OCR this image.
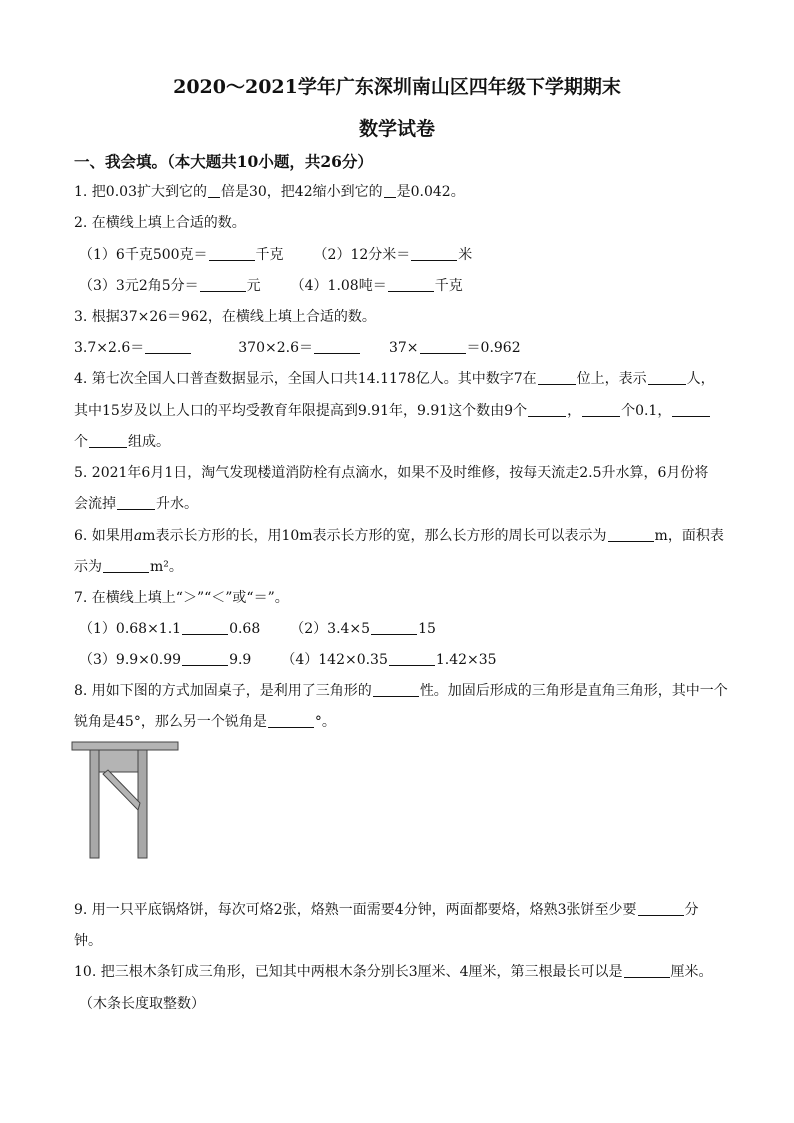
2020～2021学年广东深圳南山区四年级下学期期末
数学试卷
一、我会填。（本大题共10小题，共26分）
1. 把0.03扩大到它的 倍是30，把42缩小到它的 是0.042。
2. 在横线上填上合适的数。
（1）6千克500克＝	千克 （2）12分米＝	米
（3）3元2角5分＝	元 （4）1.08吨＝	千克
3. 根据37×26＝962，在横线上填上合适的数。
3.7×2.6＝	370×2.6＝	37×	＝0.962
4. 第七次全国人口普查数据显示，全国人口共14.1178亿人。其中数字7在	位上，表示	人，
其中15岁及以上人口的平均受教育年限提高到9.91年，9.91这个数由9个	，	个0.1，
个	组成。
5. 2021年6月1日，淘气发现楼道消防栓有点滴水，如果不及时维修，按每天流走2.5升水算，6月份将
会流掉	升水。
6. 如果用am表示长方形的长，用10m表示长方形的宽，那么长方形的周长可以表示为	m，面积表
示为	m²。
7. 在横线上填上“＞”“＜”或“＝”。
（1）0.68×1.1	0.68 （2）3.4×5	15
（3）9.9×0.99	9.9 （4）142×0.35	1.42×35
8. 用如下图的方式加固桌子，是利用了三角形的	性。加固后形成的三角形是直角三角形，其中一个
锐角是45°，那么另一个锐角是	°。
9. 用一只平底锅烙饼，每次可烙2张，烙熟一面需要4分钟，两面都要烙，烙熟3张饼至少要	分
钟。
10. 把三根木条钉成三角形，已知其中两根木条分别长3厘米、4厘米，第三根最长可以是	厘米。
（木条长度取整数）
